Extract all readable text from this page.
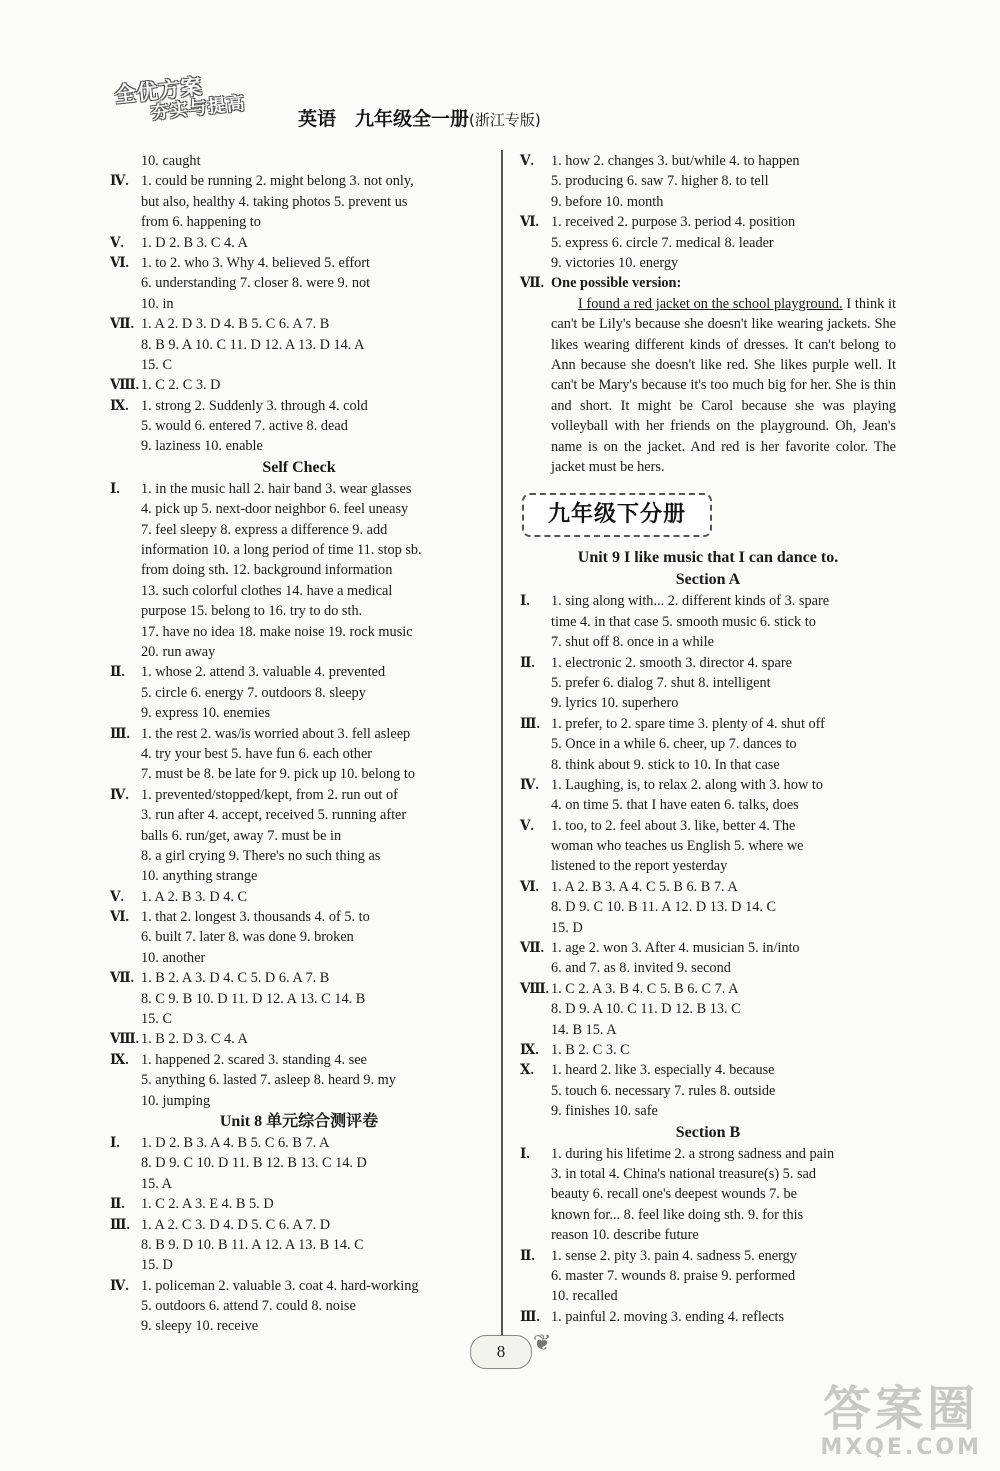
全优方案
夯实与提高	英语　九年级全一册(浙江专版)
10. caught
Ⅳ. 1. could be running 2. might belong 3. not only,
but also, healthy 4. taking photos 5. prevent us
from 6. happening to
Ⅴ. 1. D 2. B 3. C 4. A
Ⅵ. 1. to 2. who 3. Why 4. believed 5. effort
6. understanding 7. closer 8. were 9. not
10. in
Ⅶ. 1. A 2. D 3. D 4. B 5. C 6. A 7. B
8. B 9. A 10. C 11. D 12. A 13. D 14. A
15. C
Ⅷ. 1. C 2. C 3. D
Ⅸ. 1. strong 2. Suddenly 3. through 4. cold
5. would 6. entered 7. active 8. dead
9. laziness 10. enable
Self Check
Ⅰ. 1. in the music hall 2. hair band 3. wear glasses
4. pick up 5. next-door neighbor 6. feel uneasy
7. feel sleepy 8. express a difference 9. add
information 10. a long period of time 11. stop sb.
from doing sth. 12. background information
13. such colorful clothes 14. have a medical
purpose 15. belong to 16. try to do sth.
17. have no idea 18. make noise 19. rock music
20. run away
Ⅱ. 1. whose 2. attend 3. valuable 4. prevented
5. circle 6. energy 7. outdoors 8. sleepy
9. express 10. enemies
Ⅲ. 1. the rest 2. was/is worried about 3. fell asleep
4. try your best 5. have fun 6. each other
7. must be 8. be late for 9. pick up 10. belong to
Ⅳ. 1. prevented/stopped/kept, from 2. run out of
3. run after 4. accept, received 5. running after
balls 6. run/get, away 7. must be in
8. a girl crying 9. There's no such thing as
10. anything strange
Ⅴ. 1. A 2. B 3. D 4. C
Ⅵ. 1. that 2. longest 3. thousands 4. of 5. to
6. built 7. later 8. was done 9. broken
10. another
Ⅶ. 1. B 2. A 3. D 4. C 5. D 6. A 7. B
8. C 9. B 10. D 11. D 12. A 13. C 14. B
15. C
Ⅷ. 1. B 2. D 3. C 4. A
Ⅸ. 1. happened 2. scared 3. standing 4. see
5. anything 6. lasted 7. asleep 8. heard 9. my
10. jumping
Unit 8 单元综合测评卷
Ⅰ. 1. D 2. B 3. A 4. B 5. C 6. B 7. A
8. D 9. C 10. D 11. B 12. B 13. C 14. D
15. A
Ⅱ. 1. C 2. A 3. E 4. B 5. D
Ⅲ. 1. A 2. C 3. D 4. D 5. C 6. A 7. D
8. B 9. D 10. B 11. A 12. A 13. B 14. C
15. D
Ⅳ. 1. policeman 2. valuable 3. coat 4. hard-working
5. outdoors 6. attend 7. could 8. noise
9. sleepy 10. receive
Ⅴ. 1. how 2. changes 3. but/while 4. to happen
5. producing 6. saw 7. higher 8. to tell
9. before 10. month
Ⅵ. 1. received 2. purpose 3. period 4. position
5. express 6. circle 7. medical 8. leader
9. victories 10. energy
Ⅶ. One possible version:

I found a red jacket on the school playground. I think it can't be Lily's because she doesn't like wearing jackets. She likes wearing different kinds of dresses. It can't belong to Ann because she doesn't like red. She likes purple well. It can't be Mary's because it's too much big for her. She is thin and short. It might be Carol because she was playing volleyball with her friends on the playground. Oh, Jean's name is on the jacket. And red is her favorite color. The jacket must be hers.

九年级下分册
Unit 9 I like music that I can dance to.
Section A
Ⅰ. 1. sing along with... 2. different kinds of 3. spare
time 4. in that case 5. smooth music 6. stick to
7. shut off 8. once in a while
Ⅱ. 1. electronic 2. smooth 3. director 4. spare
5. prefer 6. dialog 7. shut 8. intelligent
9. lyrics 10. superhero
Ⅲ. 1. prefer, to 2. spare time 3. plenty of 4. shut off
5. Once in a while 6. cheer, up 7. dances to
8. think about 9. stick to 10. In that case
Ⅳ. 1. Laughing, is, to relax 2. along with 3. how to
4. on time 5. that I have eaten 6. talks, does
Ⅴ. 1. too, to 2. feel about 3. like, better 4. The
woman who teaches us English 5. where we
listened to the report yesterday
Ⅵ. 1. A 2. B 3. A 4. C 5. B 6. B 7. A
8. D 9. C 10. B 11. A 12. D 13. D 14. C
15. D
Ⅶ. 1. age 2. won 3. After 4. musician 5. in/into
6. and 7. as 8. invited 9. second
Ⅷ. 1. C 2. A 3. B 4. C 5. B 6. C 7. A
8. D 9. A 10. C 11. D 12. B 13. C
14. B 15. A
Ⅸ. 1. B 2. C 3. C
Ⅹ. 1. heard 2. like 3. especially 4. because
5. touch 6. necessary 7. rules 8. outside
9. finishes 10. safe
Section B
Ⅰ. 1. during his lifetime 2. a strong sadness and pain
3. in total 4. China's national treasure(s) 5. sad
beauty 6. recall one's deepest wounds 7. be
known for... 8. feel like doing sth. 9. for this
reason 10. describe future
Ⅱ. 1. sense 2. pity 3. pain 4. sadness 5. energy
6. master 7. wounds 8. praise 9. performed
10. recalled
Ⅲ. 1. painful 2. moving 3. ending 4. reflects
8	❦
答案圈
MXQE.COM
